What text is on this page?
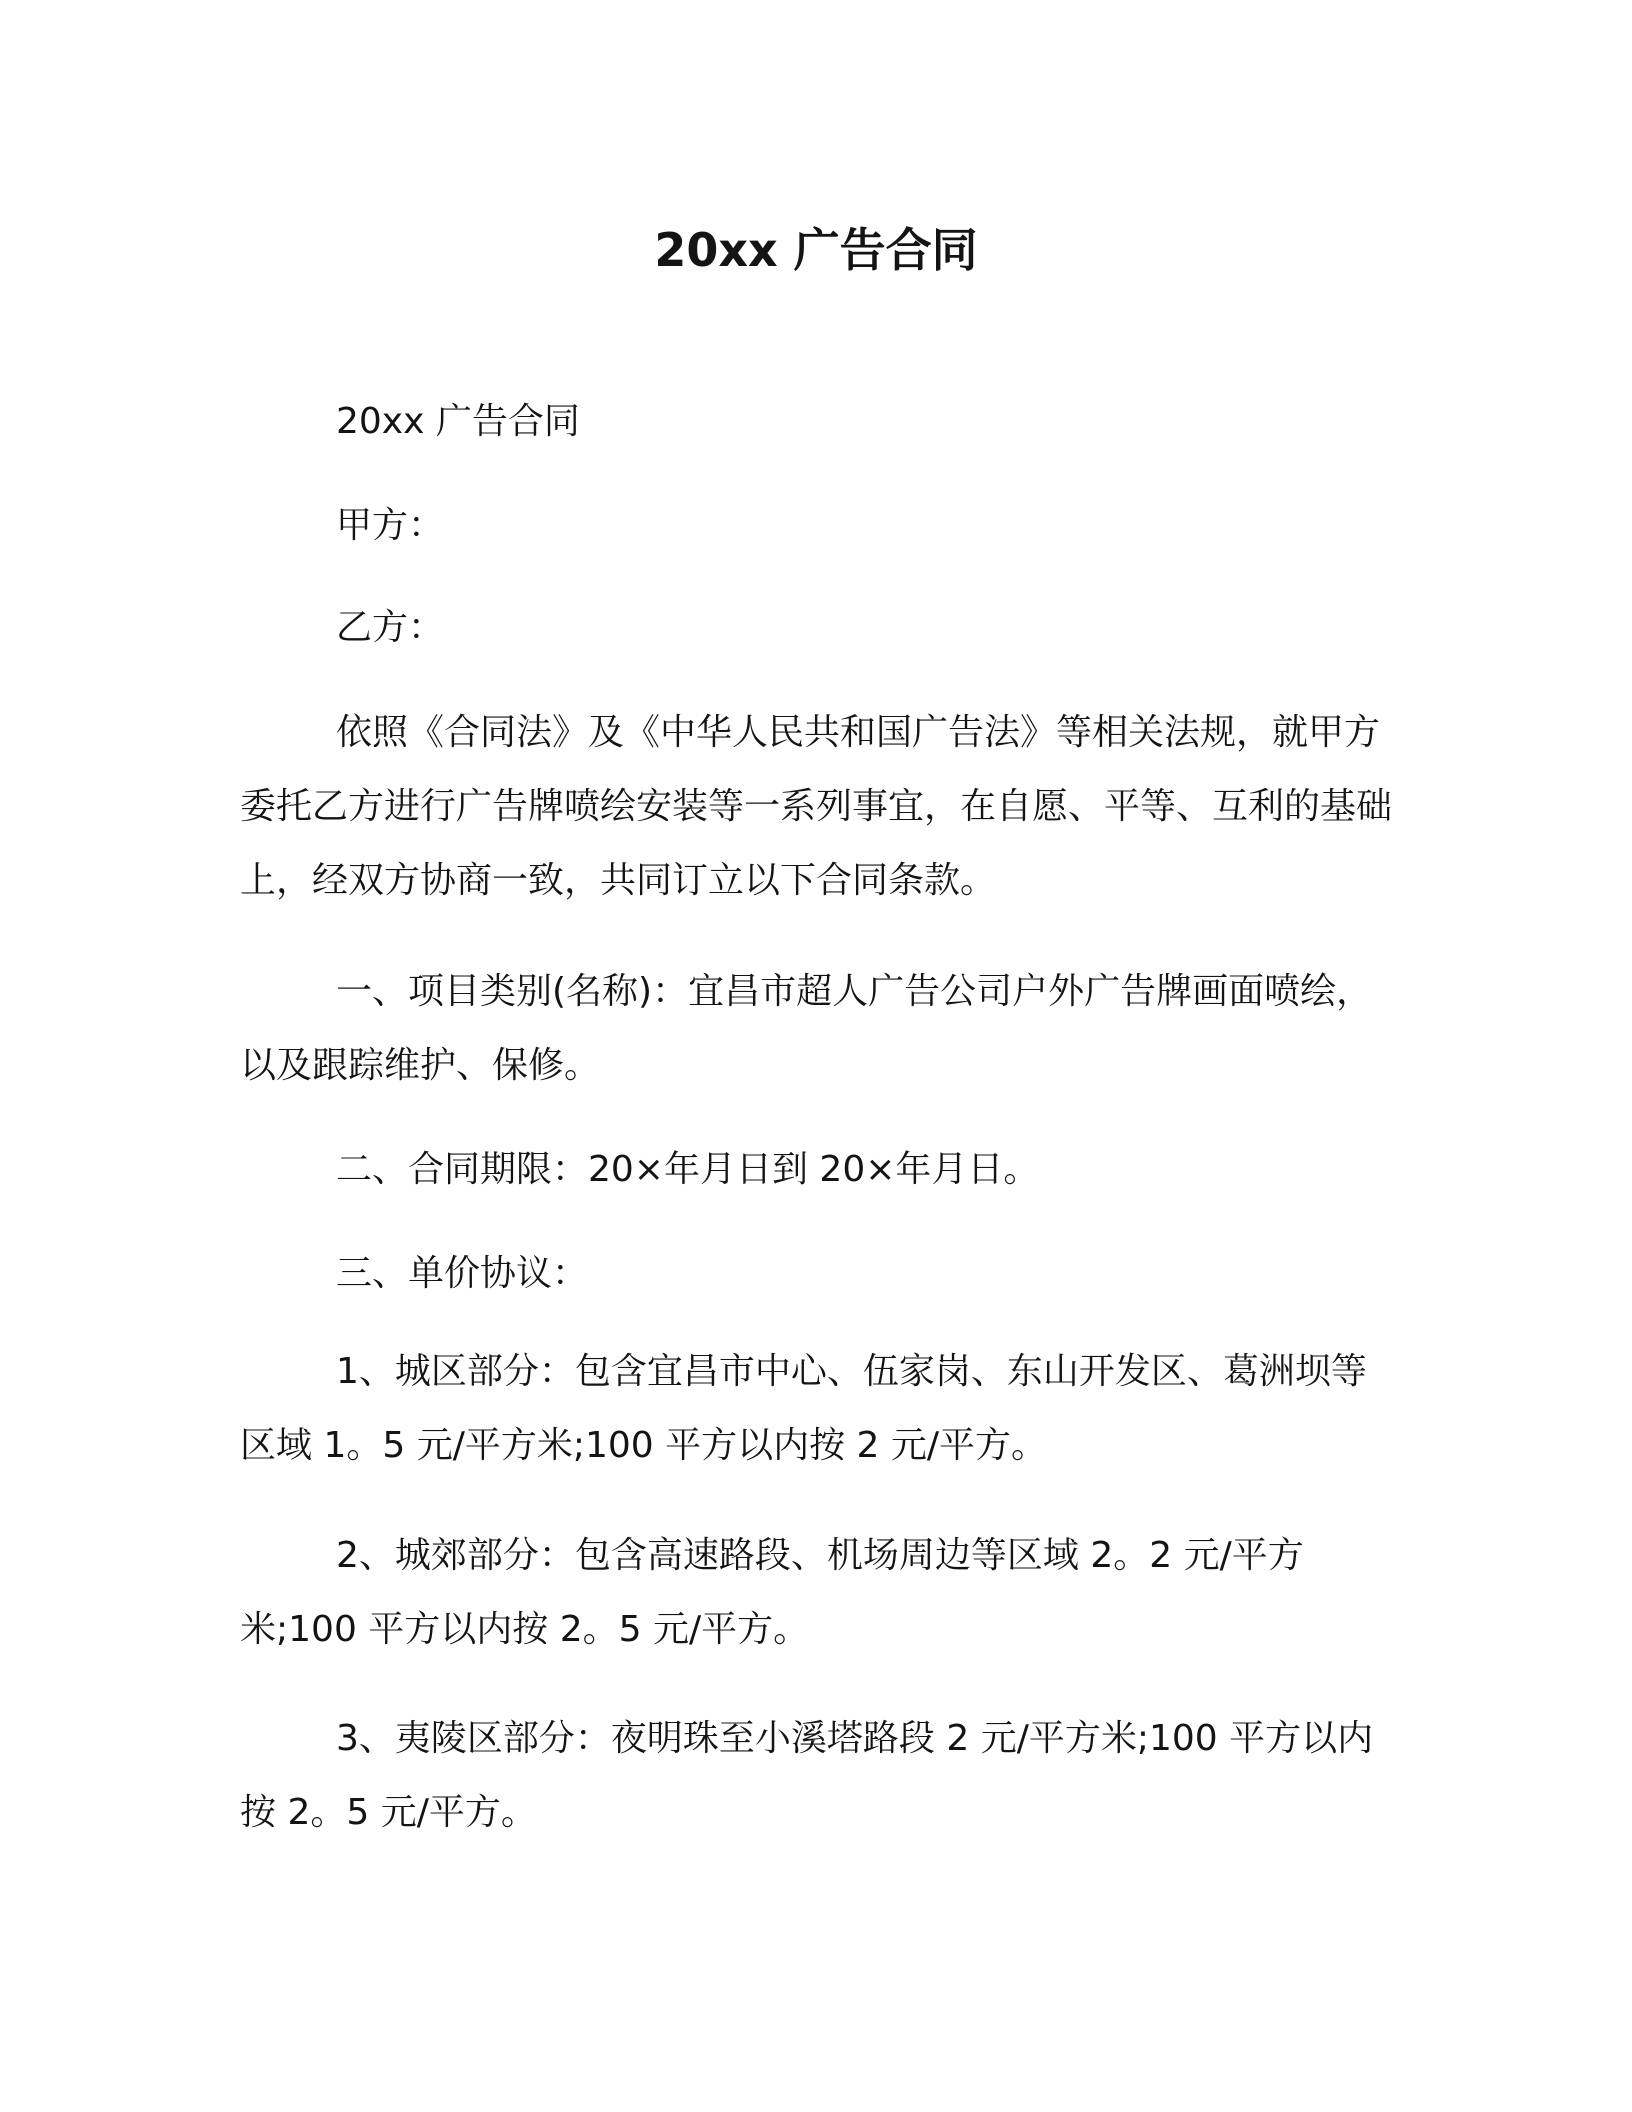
20xx 广告合同
20xx 广告合同
甲方：
乙方：

依照《合同法》及《中华人民共和国广告法》等相关法规，就甲方委托乙方进行广告牌喷绘安装等一系列事宜，在自愿、平等、互利的基础上，经双方协商一致，共同订立以下合同条款。

一、项目类别(名称)：宜昌市超人广告公司户外广告牌画面喷绘，以及跟踪维护、保修。

二、合同期限：20×年月日到 20×年月日。
三、单价协议：

1、城区部分：包含宜昌市中心、伍家岗、东山开发区、葛洲坝等区域 1。5 元/平方米;100 平方以内按 2 元/平方。

2、城郊部分：包含高速路段、机场周边等区域 2。2 元/平方米;100 平方以内按 2。5 元/平方。

3、夷陵区部分：夜明珠至小溪塔路段 2 元/平方米;100 平方以内按 2。5 元/平方。
